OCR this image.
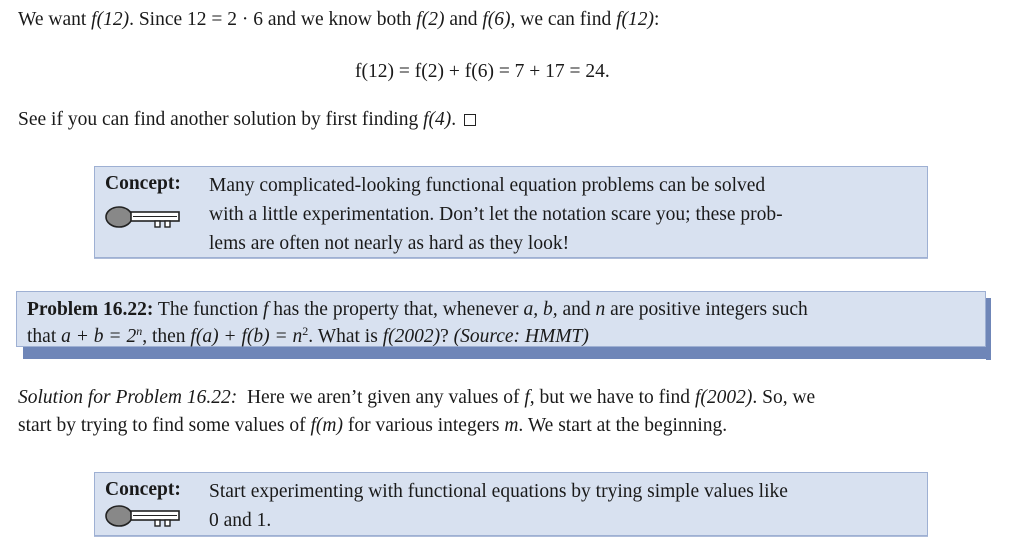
We want f(12). Since 12 = 2 · 6 and we know both f(2) and f(6), we can find f(12):
f(12) = f(2) + f(6) = 7 + 17 = 24.
See if you can find another solution by first finding f(4).
Concept: Many complicated-looking functional equation problems can be solved
with a little experimentation. Don’t let the notation scare you; these prob-
lems are often not nearly as hard as they look!
Problem 16.22: The function f has the property that, whenever a, b, and n are positive integers such
that $a + b = 2^n$, then $f(a) + f(b) = n^2$. What is f(2002)? (Source: HMMT)
Solution for Problem 16.22: Here we aren’t given any values of f, but we have to find f(2002). So, we
start by trying to find some values of f(m) for various integers m. We start at the beginning.
Concept: Start experimenting with functional equations by trying simple values like
0 and 1.
